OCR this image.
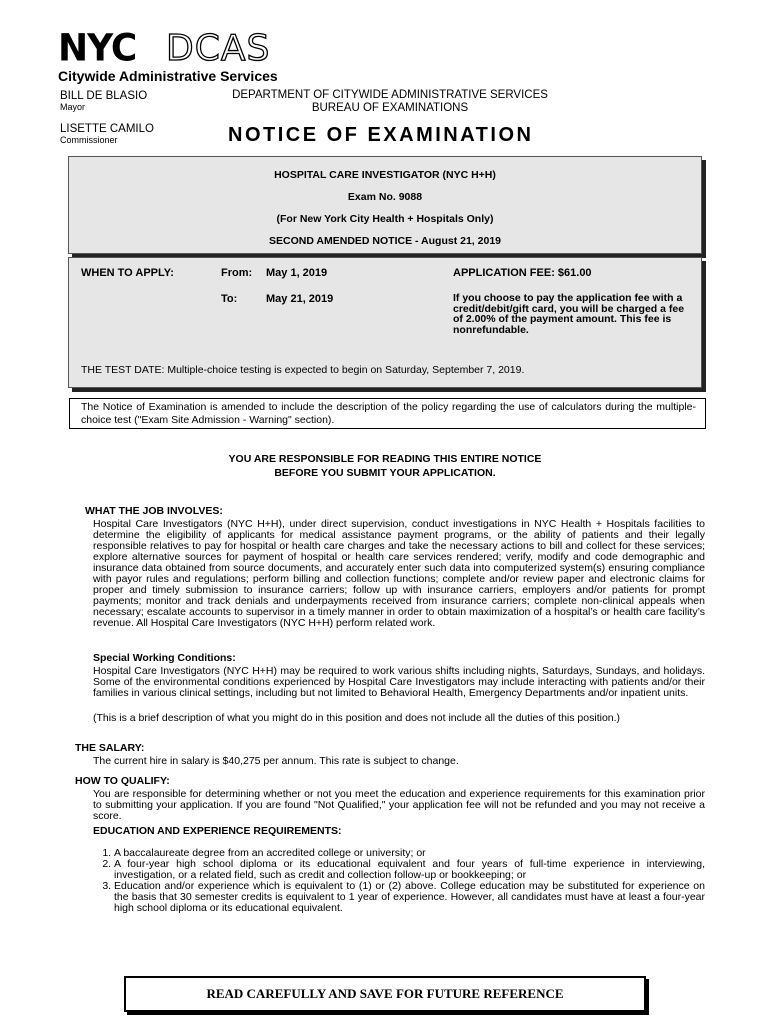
NYC DCAS
Citywide Administrative Services
BILL DE BLASIO
Mayor
LISETTE CAMILO
Commissioner
DEPARTMENT OF CITYWIDE ADMINISTRATIVE SERVICES
BUREAU OF EXAMINATIONS
NOTICE OF EXAMINATION
HOSPITAL CARE INVESTIGATOR (NYC H+H)
Exam No. 9088
(For New York City Health + Hospitals Only)
SECOND AMENDED NOTICE - August 21, 2019
WHEN TO APPLY:	From: May 1, 2019
To:	May 21, 2019
APPLICATION FEE: $61.00
If you choose to pay the application fee with a credit/debit/gift card, you will be charged a fee of 2.00% of the payment amount. This fee is nonrefundable.
THE TEST DATE: Multiple-choice testing is expected to begin on Saturday, September 7, 2019.
The Notice of Examination is amended to include the description of the policy regarding the use of calculators during the multiple-choice test ("Exam Site Admission - Warning" section).
YOU ARE RESPONSIBLE FOR READING THIS ENTIRE NOTICE
BEFORE YOU SUBMIT YOUR APPLICATION.
WHAT THE JOB INVOLVES:
Hospital Care Investigators (NYC H+H), under direct supervision, conduct investigations in NYC Health + Hospitals facilities to determine the eligibility of applicants for medical assistance payment programs, or the ability of patients and their legally responsible relatives to pay for hospital or health care charges and take the necessary actions to bill and collect for these services; explore alternative sources for payment of hospital or health care services rendered; verify, modify and code demographic and insurance data obtained from source documents, and accurately enter such data into computerized system(s) ensuring compliance with payor rules and regulations; perform billing and collection functions; complete and/or review paper and electronic claims for proper and timely submission to insurance carriers; follow up with insurance carriers, employers and/or patients for prompt payments; monitor and track denials and underpayments received from insurance carriers; complete non-clinical appeals when necessary; escalate accounts to supervisor in a timely manner in order to obtain maximization of a hospital’s or health care facility’s revenue. All Hospital Care Investigators (NYC H+H) perform related work.
Special Working Conditions:
Hospital Care Investigators (NYC H+H) may be required to work various shifts including nights, Saturdays, Sundays, and holidays. Some of the environmental conditions experienced by Hospital Care Investigators may include interacting with patients and/or their families in various clinical settings, including but not limited to Behavioral Health, Emergency Departments and/or inpatient units.
(This is a brief description of what you might do in this position and does not include all the duties of this position.)
THE SALARY:
The current hire in salary is $40,275 per annum. This rate is subject to change.
HOW TO QUALIFY:
You are responsible for determining whether or not you meet the education and experience requirements for this examination prior to submitting your application. If you are found "Not Qualified," your application fee will not be refunded and you may not receive a score.
EDUCATION AND EXPERIENCE REQUIREMENTS:
1. A baccalaureate degree from an accredited college or university; or
2. A four-year high school diploma or its educational equivalent and four years of full-time experience in interviewing, investigation, or a related field, such as credit and collection follow-up or bookkeeping; or
3. Education and/or experience which is equivalent to (1) or (2) above. College education may be substituted for experience on the basis that 30 semester credits is equivalent to 1 year of experience. However, all candidates must have at least a four-year high school diploma or its educational equivalent.
READ CAREFULLY AND SAVE FOR FUTURE REFERENCE
